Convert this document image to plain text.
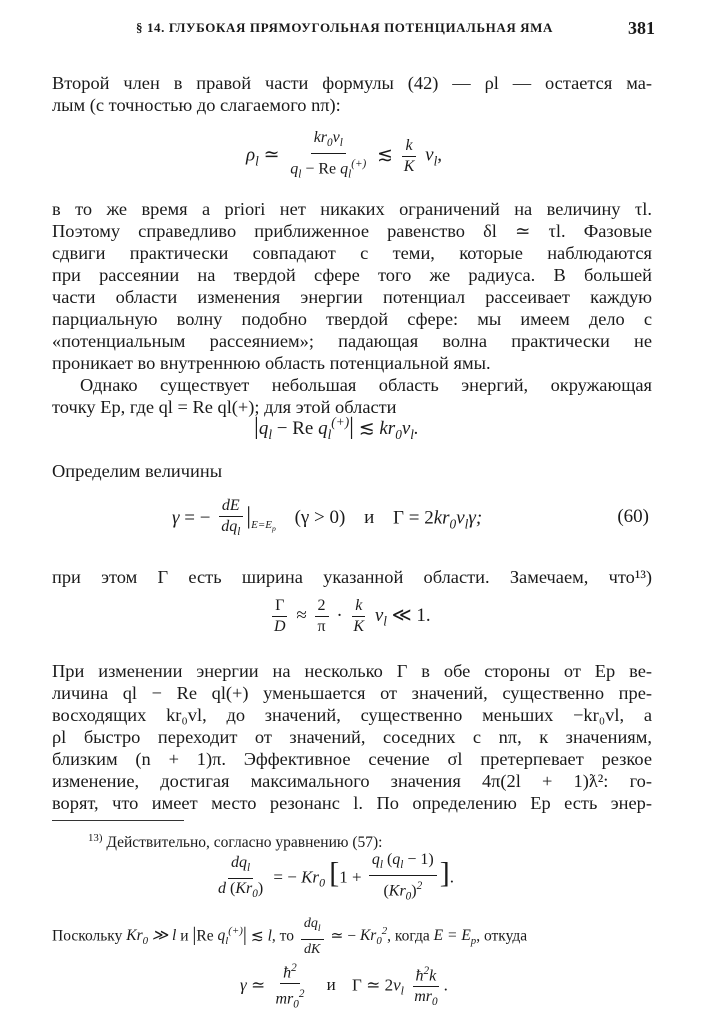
§ 14. ГЛУБОКАЯ ПРЯМОУГОЛЬНАЯ ПОТЕНЦИАЛЬНАЯ ЯМА	381
Второй член в правой части формулы (42) — ρl — остается ма-
лым (с точностью до слагаемого nπ):
$\rho_l$ ≃ $\frac{kr_0v_l}{q_l - Re q_l^{(+)}}$ ≲ $\frac{k}{K} v_l$,
в то же время a priori нет никаких ограничений на величину τl.
Поэтому справедливо приближенное равенство δl ≃ τl. Фазовые
сдвиги практически совпадают с теми, которые наблюдаются
при рассеянии на твердой сфере того же радиуса. В большей
части области изменения энергии потенциал рассеивает каждую
парциальную волну подобно твердой сфере: мы имеем дело с
«потенциальным рассеянием»; падающая волна практически не
проникает во внутреннюю область потенциальной ямы.
Однако существует небольшая область энергий, окружающая
точку Eр, где ql = Re ql(+); для этой области
$|q_l - Re$ $q_l^{(+)}|$ ≲ $kr_0v_l$.
Определим величины
γ = − $\frac{dE}{dq_l} |_{E=E_р}$ (γ > 0) и $\Gamma = 2kr_0v_l\gamma$;	(60)
при этом Γ есть ширина указанной области. Замечаем, что¹³)
$\frac{\Gamma}{D} \approx \frac{2}{\pi} \cdot \frac{k}{K} v_l$ ≪ 1.
При изменении энергии на несколько Γ в обе стороны от Eр ве-
личина ql − Re ql(+) уменьшается от значений, существенно пре-
восходящих kr₀vl, до значений, существенно меньших −kr₀vl, а
ρl быстро переходит от значений, соседних с nπ, к значениям,
близким (n + 1)π. Эффективное сечение σl претерпевает резкое
изменение, достигая максимального значения 4π(2l + 1)ƛ²: го-
ворят, что имеет место резонанс l. По определению Eр есть энер-
$^{13)}$ Действительно, согласно уравнению (57):
$\frac{dq_l}{d (Kr_0)}$ = − $Kr_0$ [$1 + \frac{q_l (q_l - 1)}{(Kr_0)^2}$ ].
Поскольку $Kr_0$ ≫ l и |Re $q_l^{(+)}|$ ≲ l, то $\frac{dq_l}{dK}$ ≃ − $Kr_0^2$, когда $E = E_р$, откуда
γ ≃ $\frac{ħ^2}{mr_0^2}$ и Γ ≃ $2v_l \frac{ħ^2k}{mr_0}$ .
